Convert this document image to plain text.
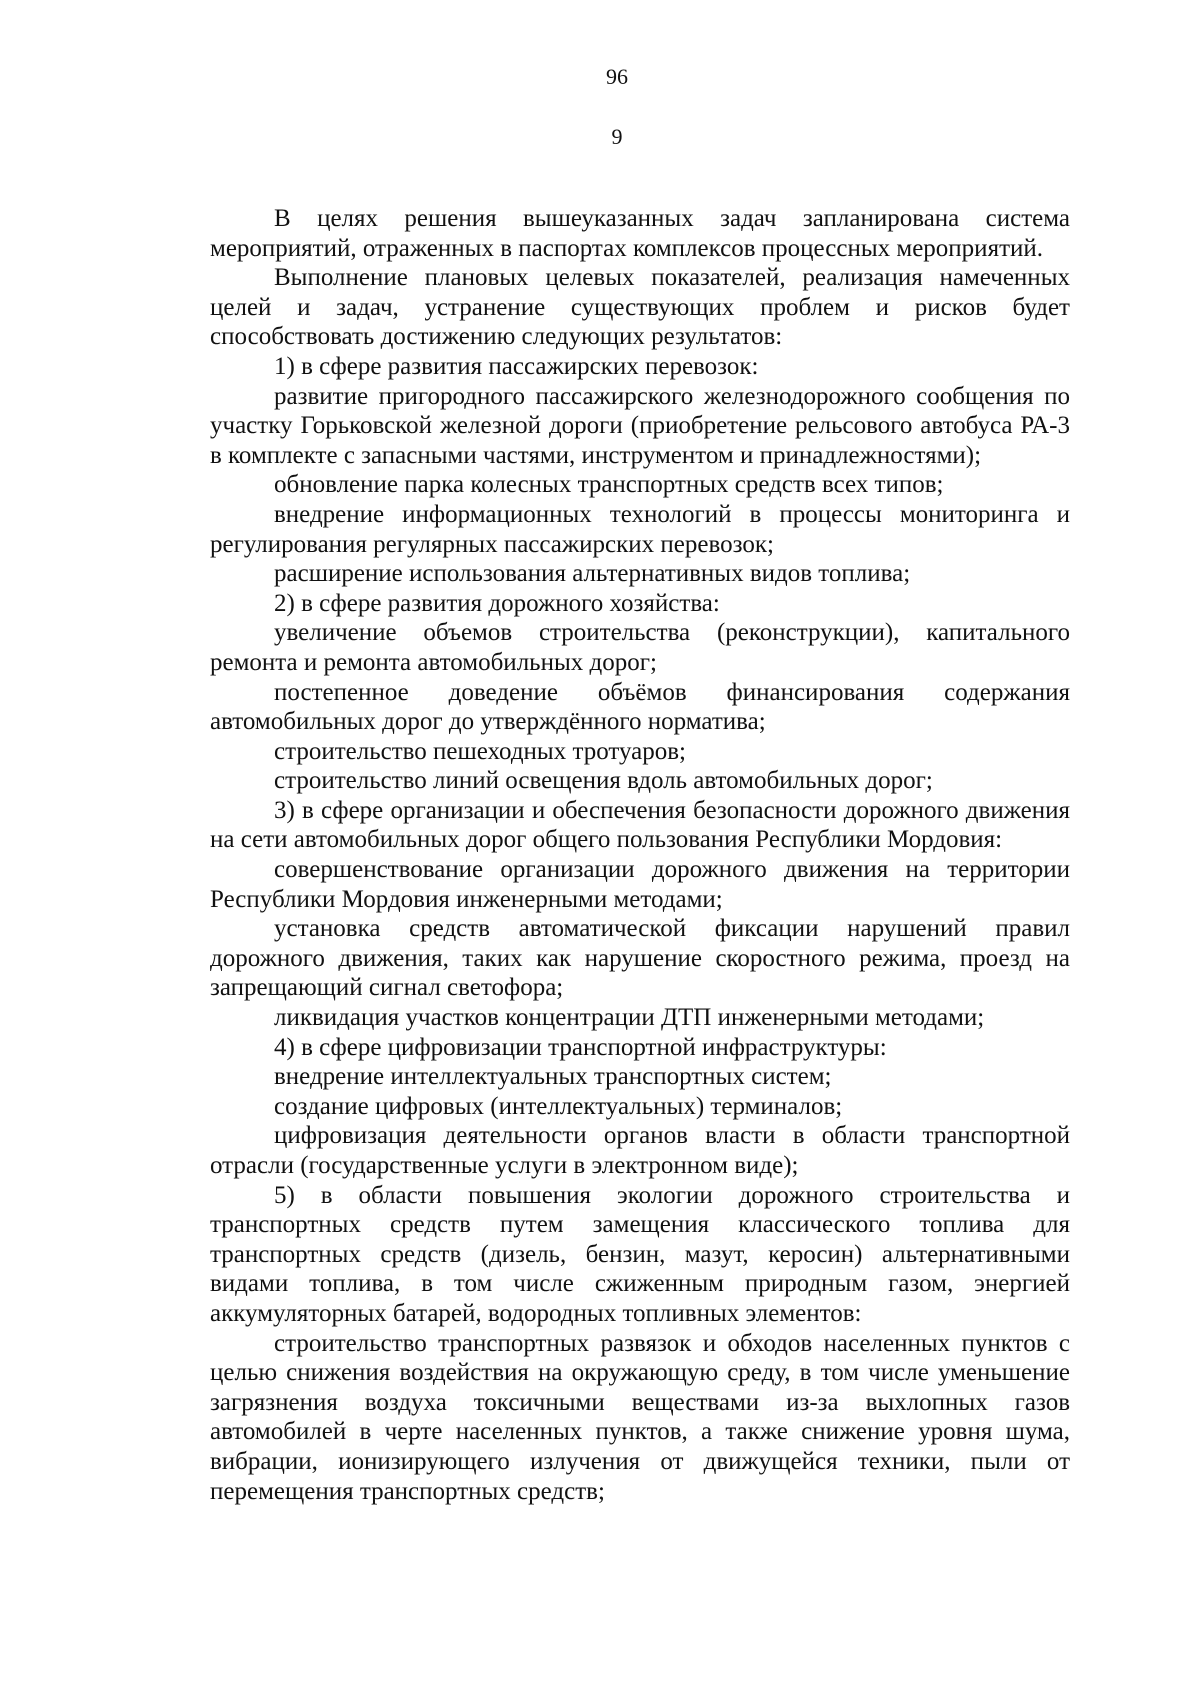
96
9

В целях решения вышеуказанных задач запланирована система мероприятий, отраженных в паспортах комплексов процессных мероприятий.

Выполнение плановых целевых показателей, реализация намеченных целей и задач, устранение существующих проблем и рисков будет способствовать достижению следующих результатов:

1) в сфере развития пассажирских перевозок:

развитие пригородного пассажирского железнодорожного сообщения по участку Горьковской железной дороги (приобретение рельсового автобуса РА-3 в комплекте с запасными частями, инструментом и принадлежностями);

обновление парка колесных транспортных средств всех типов;

внедрение информационных технологий в процессы мониторинга и регулирования регулярных пассажирских перевозок;

расширение использования альтернативных видов топлива;

2) в сфере развития дорожного хозяйства:

увеличение объемов строительства (реконструкции), капитального ремонта и ремонта автомобильных дорог;

постепенное доведение объёмов финансирования содержания автомобильных дорог до утверждённого норматива;

строительство пешеходных тротуаров;

строительство линий освещения вдоль автомобильных дорог;

3) в сфере организации и обеспечения безопасности дорожного движения на сети автомобильных дорог общего пользования Республики Мордовия:

совершенствование организации дорожного движения на территории Республики Мордовия инженерными методами;

установка средств автоматической фиксации нарушений правил дорожного движения, таких как нарушение скоростного режима, проезд на запрещающий сигнал светофора;

ликвидация участков концентрации ДТП инженерными методами;

4) в сфере цифровизации транспортной инфраструктуры:

внедрение интеллектуальных транспортных систем;

создание цифровых (интеллектуальных) терминалов;

цифровизация деятельности органов власти в области транспортной отрасли (государственные услуги в электронном виде);

5) в области повышения экологии дорожного строительства и транспортных средств путем замещения классического топлива для транспортных средств (дизель, бензин, мазут, керосин) альтернативными видами топлива, в том числе сжиженным природным газом, энергией аккумуляторных батарей, водородных топливных элементов:

строительство транспортных развязок и обходов населенных пунктов с целью снижения воздействия на окружающую среду, в том числе уменьшение загрязнения воздуха токсичными веществами из-за выхлопных газов автомобилей в черте населенных пунктов, а также снижение уровня шума, вибрации, ионизирующего излучения от движущейся техники, пыли от перемещения транспортных средств;
